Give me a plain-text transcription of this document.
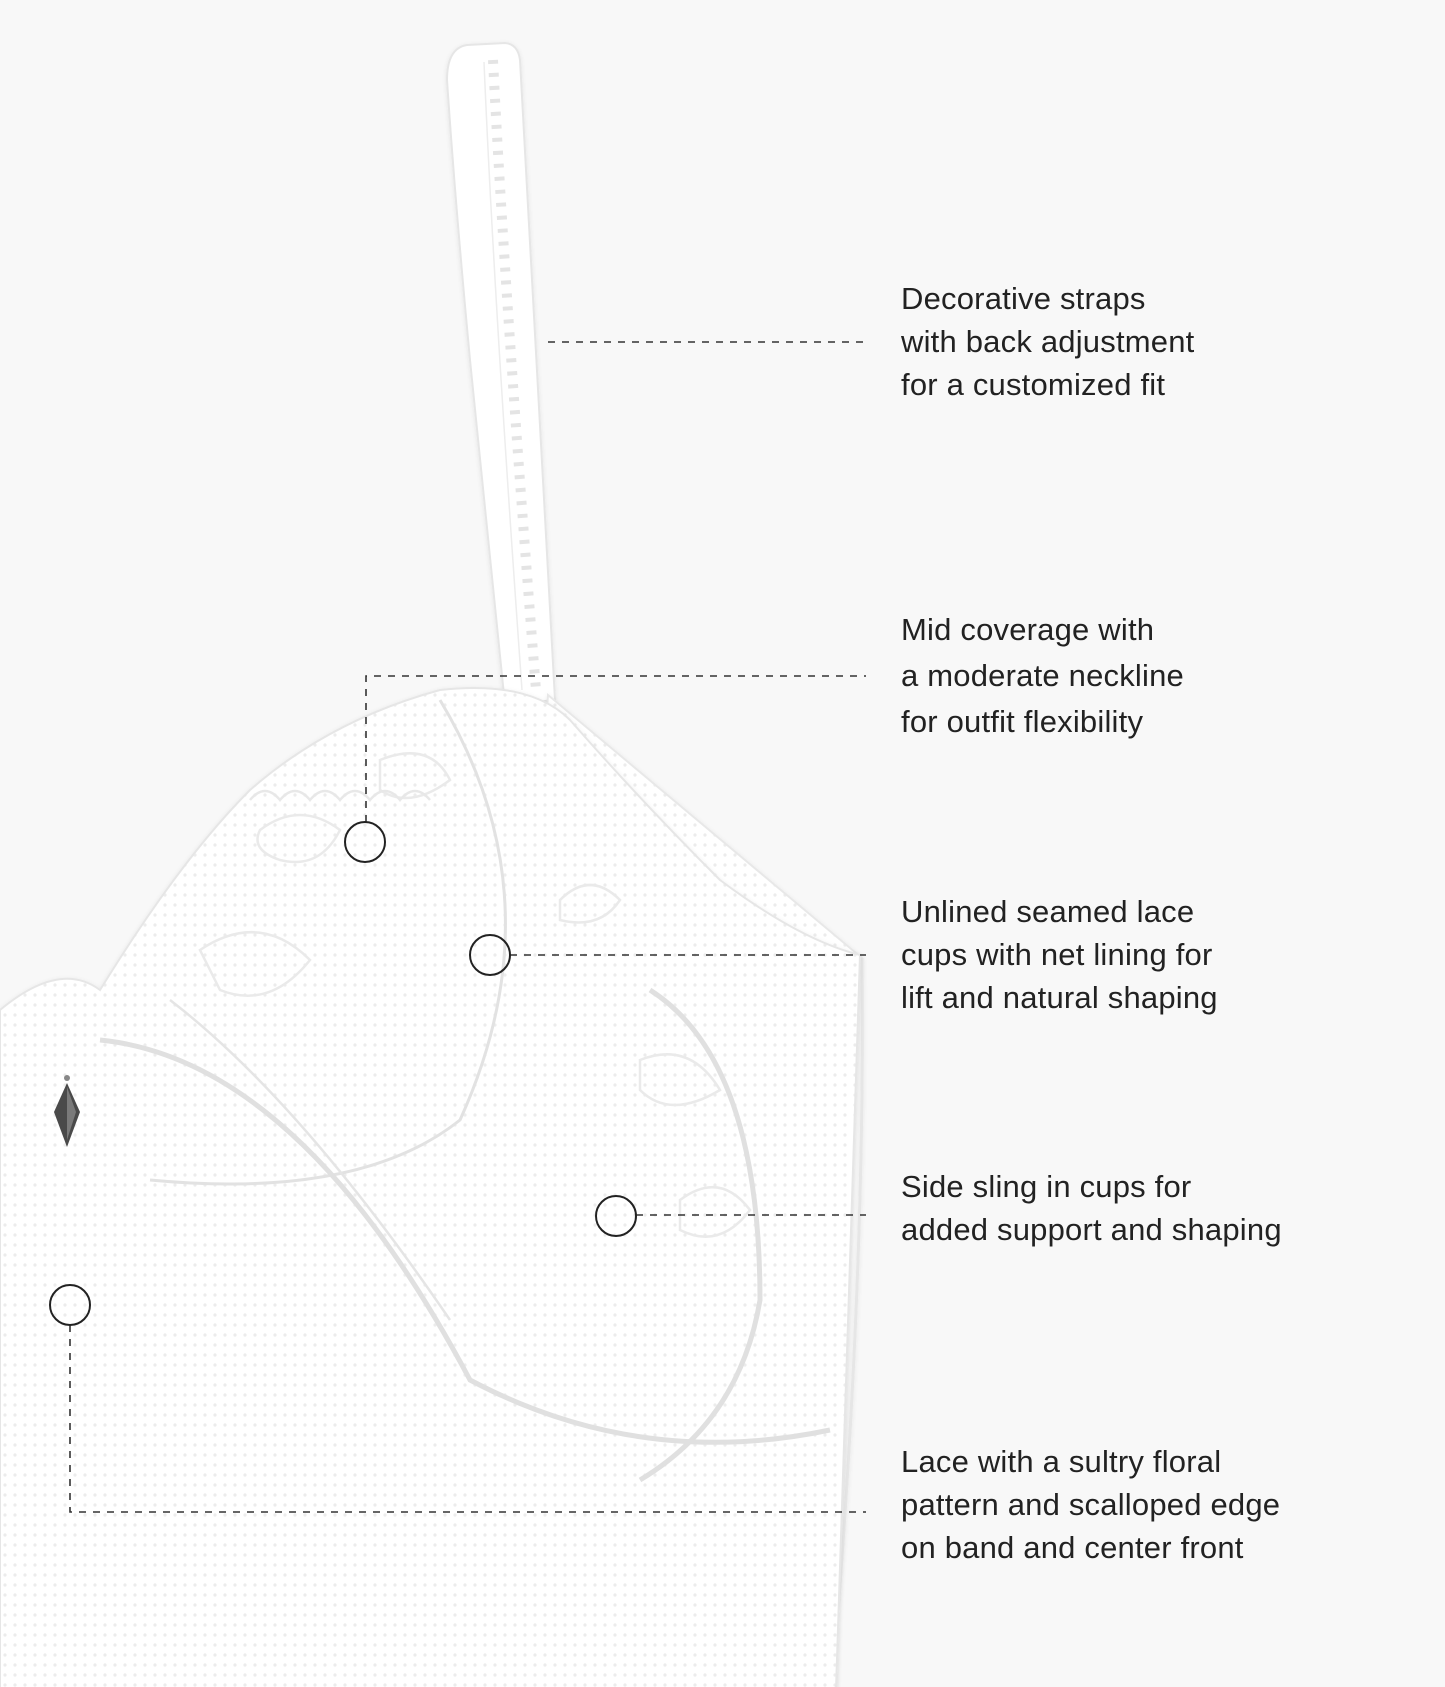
Decorative straps
with back adjustment
for a customized fit
Mid coverage with
a moderate neckline
for outfit flexibility
Unlined seamed lace
cups with net lining for
lift and natural shaping
Side sling in cups for
added support and shaping
Lace with a sultry floral
pattern and scalloped edge
on band and center front
